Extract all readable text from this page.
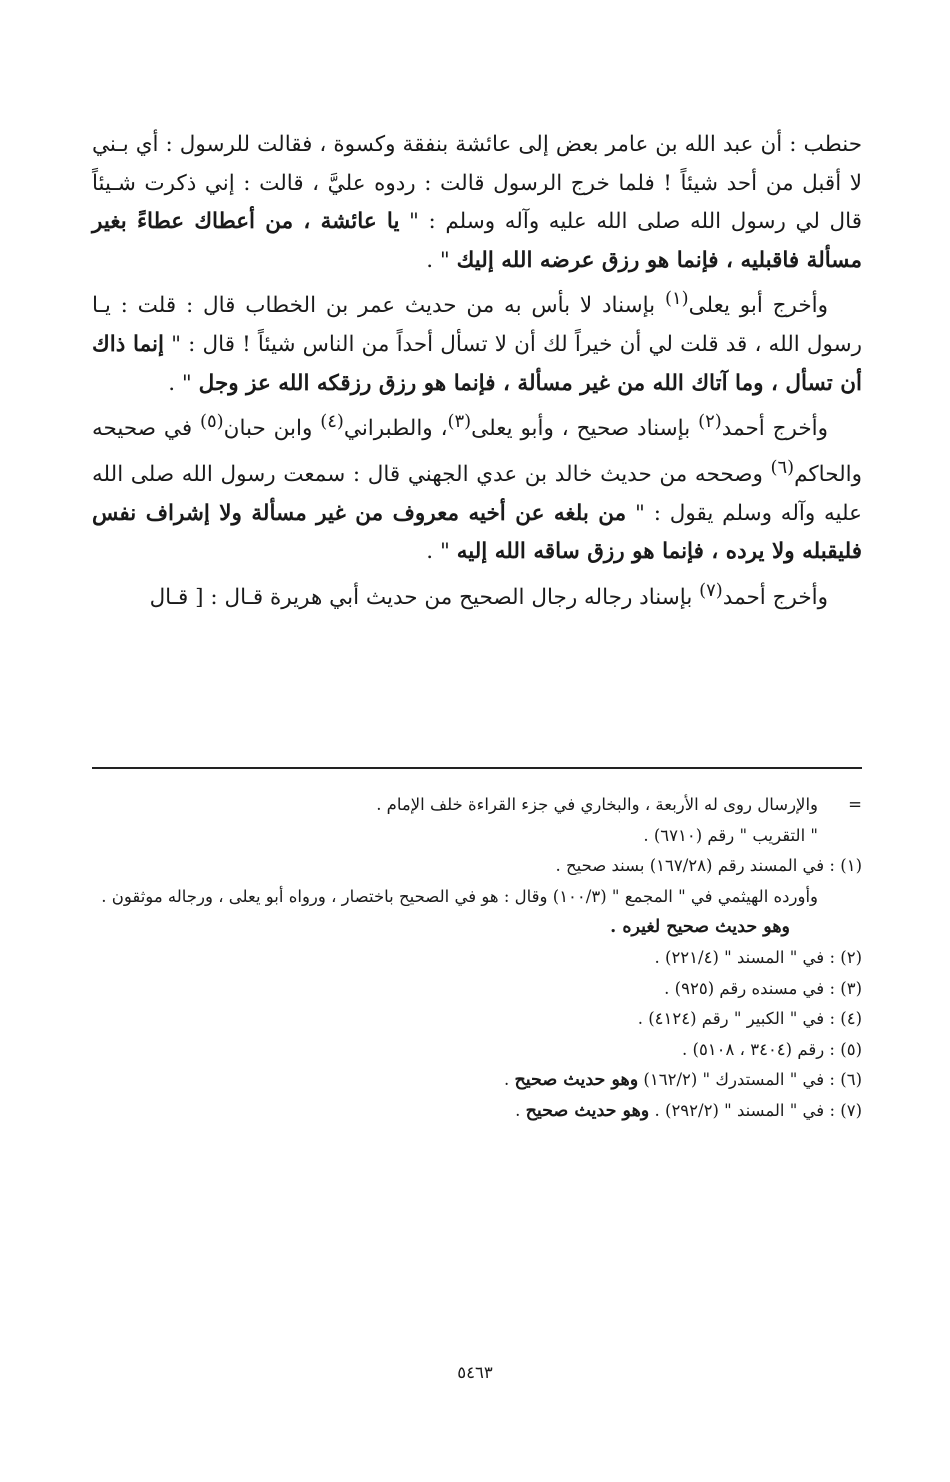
حنطب : أن عبد الله بن عامر بعض إلى عائشة بنفقة وكسوة ، فقالت للرسول : أي بـني لا أقبل من أحد شيئاً ! فلما خرج الرسول قالت : ردوه عليَّ ، قالت : إني ذكرت شـيئاً قال لي رسول الله صلى الله عليه وآله وسلم : " يا عائشة ، من أعطاك عطاءً بغير مسألة فاقبليه ، فإنما هو رزق عرضه الله إليك " .

وأخرج أبو يعلى$^{(١)}$ بإسناد لا بأس به من حديث عمر بن الخطاب قال : قلت : يـا رسول الله ، قد قلت لي أن خيراً لك أن لا تسأل أحداً من الناس شيئاً ! قال : " إنما ذاك أن تسأل ، وما آتاك الله من غير مسألة ، فإنما هو رزق رزقكه الله عز وجل " .

وأخرج أحمد$^{(٢)}$ بإسناد صحيح ، وأبو يعلى$^{(٣)}$، والطبراني$^{(٤)}$ وابن حبان$^{(٥)}$ في صحيحه والحاكم$^{(٦)}$ وصححه من حديث خالد بن عدي الجهني قال : سمعت رسول الله صلى الله عليه وآله وسلم يقول : " من بلغه عن أخيه معروف من غير مسألة ولا إشراف نفس فليقبله ولا يرده ، فإنما هو رزق ساقه الله إليه " .

وأخرج أحمد$^{(٧)}$ بإسناد رجاله رجال الصحيح من حديث أبي هريرة قـال : [ قـال

=والإرسال روى له الأربعة ، والبخاري في جزء القراءة خلف الإمام .

" التقريب " رقم (٦٧١٠) .

(١) : في المسند رقم (١٦٧/٢٨) بسند صحيح .

وأورده الهيثمي في " المجمع " (١٠٠/٣) وقال : هو في الصحيح باختصار ، ورواه أبو يعلى ، ورجاله موثقون .

وهو حديث صحيح لغيره .

(٢) : في " المسند " (٢٢١/٤) .

(٣) : في مسنده رقم (٩٢٥) .

(٤) : في " الكبير " رقم (٤١٢٤) .

(٥) : رقم (٣٤٠٤ ، ٥١٠٨) .

(٦) : في " المستدرك " (١٦٢/٢) وهو حديث صحيح .

(٧) : في " المسند " (٢٩٢/٢) . وهو حديث صحيح .

٥٤٦٣
